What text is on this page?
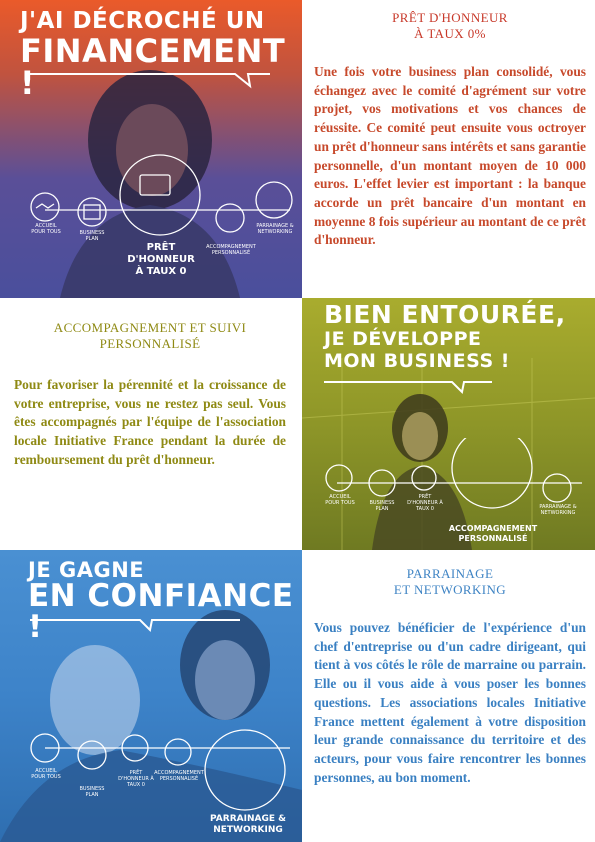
J'AI DÉCROCHÉ UN
FINANCEMENT !
ACCUEIL POUR TOUS	BUSINESS PLAN
PRÊT D'HONNEUR À TAUX 0
ACCOMPAGNEMENT PERSONNALISÉ
PARRAINAGE & NETWORKING
PRÊT D'HONNEUR
À TAUX 0%
Une fois votre business plan consolidé, vous échangez avec le comité d'agrément sur votre projet, vos motivations et vos chances de réussite. Ce comité peut ensuite vous octroyer un prêt d'honneur sans intérêts et sans garantie personnelle, d'un montant moyen de 10 000 euros. L'effet levier est important : la banque accorde un prêt bancaire d'un montant en moyenne 8 fois supérieur au montant de ce prêt d'honneur.
ACCOMPAGNEMENT ET SUIVI
PERSONNALISÉ
Pour favoriser la pérennité et la croissance de votre entreprise, vous ne restez pas seul. Vous êtes accompagnés par l'équipe de l'association locale Initiative France pendant la durée de remboursement du prêt d'honneur.
BIEN ENTOURÉE,
JE DÉVELOPPE
MON BUSINESS !
ACCUEIL POUR TOUS	BUSINESS PLAN
PRÊT D'HONNEUR À TAUX 0
ACCOMPAGNEMENT PERSONNALISÉ
PARRAINAGE & NETWORKING
JE GAGNE
EN CONFIANCE !
ACCUEIL POUR TOUS
BUSINESS PLAN
PRÊT D'HONNEUR À TAUX 0
ACCOMPAGNEMENT PERSONNALISÉ
PARRAINAGE & NETWORKING
PARRAINAGE
ET NETWORKING
Vous pouvez bénéficier de l'expérience d'un chef d'entreprise ou d'un cadre dirigeant, qui tient à vos côtés le rôle de marraine ou parrain. Elle ou il vous aide à vous poser les bonnes questions. Les associations locales Initiative France mettent également à votre disposition leur grande connaissance du territoire et des acteurs, pour vous faire rencontrer les bonnes personnes, au bon moment.
